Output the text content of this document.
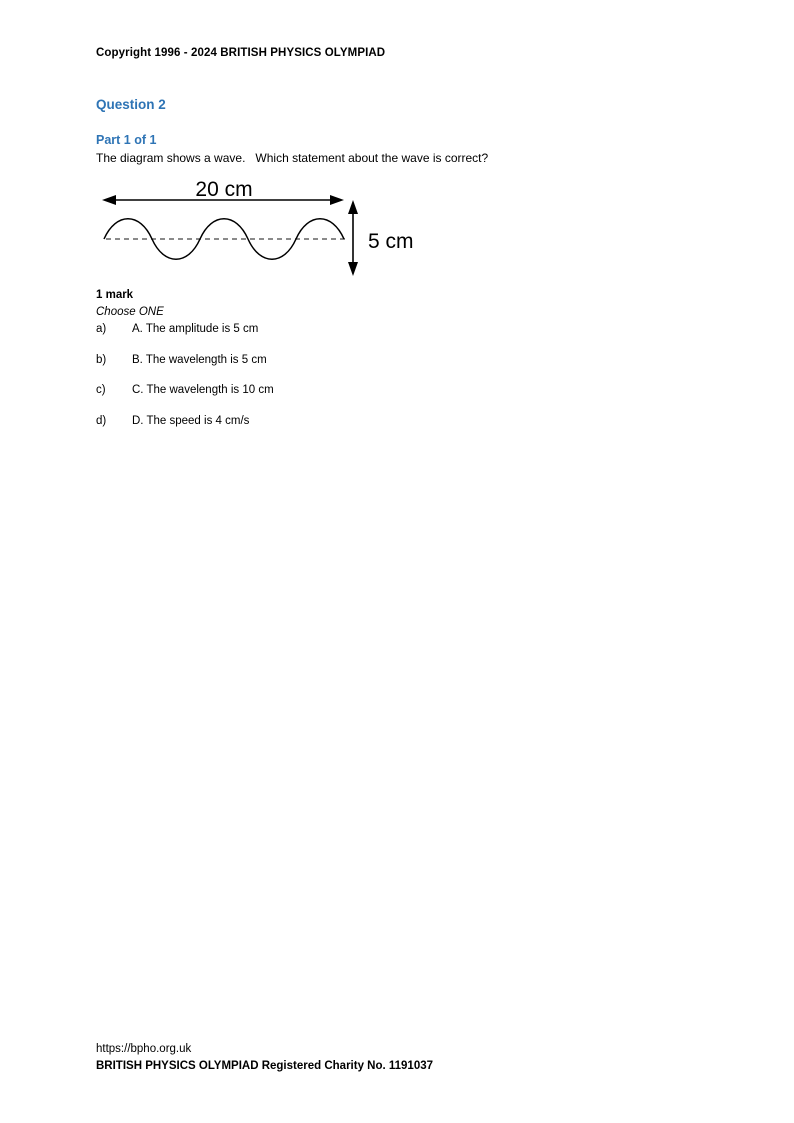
Copyright 1996 - 2024 BRITISH PHYSICS OLYMPIAD
Question 2
Part 1 of 1
The diagram shows a wave.   Which statement about the wave is correct?
20 cm
5 cm
1 mark
Choose ONE
a)	A. The amplitude is 5 cm
b)	B. The wavelength is 5 cm
c)	C. The wavelength is 10 cm
d)	D. The speed is 4 cm/s
https://bpho.org.uk
BRITISH PHYSICS OLYMPIAD Registered Charity No. 1191037
